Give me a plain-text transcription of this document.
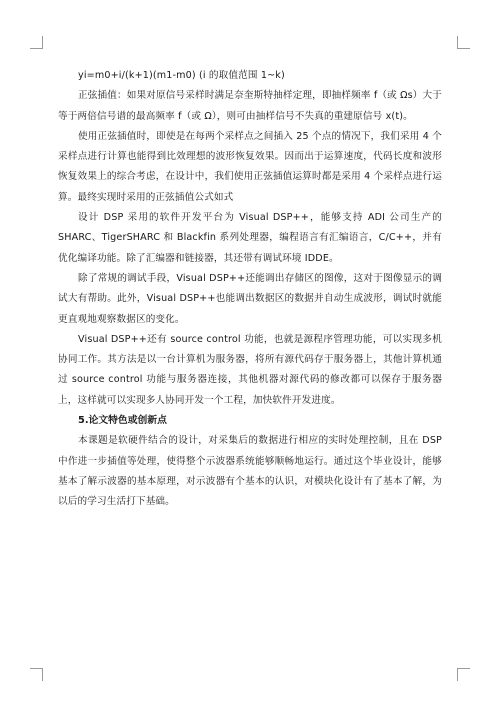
yi=m0+i/(k+1)(m1-m0) (i 的取值范围 1~k)

正弦插值：如果对原信号采样时满足奈奎斯特抽样定理，即抽样频率 f（或 Ωs）大于等于两倍信号谱的最高频率 f（或 Ω），则可由抽样信号不失真的重建原信号 x(t)。

使用正弦插值时，即使是在每两个采样点之间插入 25 个点的情况下，我们采用 4 个采样点进行计算也能得到比效理想的波形恢复效果。因而出于运算速度，代码长度和波形恢复效果上的综合考虑，在设计中，我们使用正弦插值运算时都是采用 4 个采样点进行运算。最终实现时采用的正弦插值公式如式

设计 DSP 采用的软件开发平台为 Visual DSP++，能够支持 ADI 公司生产的 SHARC、TigerSHARC 和 Blackfin 系列处理器，编程语言有汇编语言，C/C++，并有优化编译功能。除了汇编器和链接器，其还带有调试环境 IDDE。

除了常规的调试手段，Visual DSP++还能调出存储区的图像，这对于图像显示的调试大有帮助。此外，Visual DSP++也能调出数据区的数据并自动生成波形，调试时就能更直观地观察数据区的变化。

Visual DSP++还有 source control 功能，也就是源程序管理功能，可以实现多机协同工作。其方法是以一台计算机为服务器，将所有源代码存于服务器上，其他计算机通过 source control 功能与服务器连接，其他机器对源代码的修改都可以保存于服务器上，这样就可以实现多人协同开发一个工程，加快软件开发进度。

5.论文特色或创新点

本课题是软硬件结合的设计，对采集后的数据进行相应的实时处理控制，且在 DSP 中作进一步插值等处理，使得整个示波器系统能够顺畅地运行。通过这个毕业设计，能够基本了解示波器的基本原理，对示波器有个基本的认识，对模块化设计有了基本了解，为以后的学习生活打下基础。
